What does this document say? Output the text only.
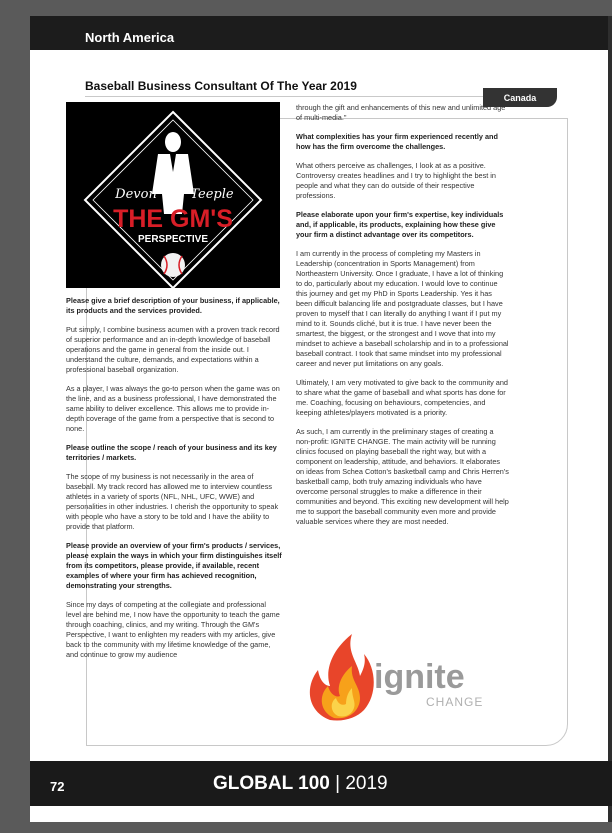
North America
Baseball Business Consultant Of The Year 2019
Canada
Devon	Teeple
THE GM'S
PERSPECTIVE

Please give a brief description of your business, if applicable, its products and the services provided.

Put simply, I combine business acumen with a proven track record of superior performance and an in-depth knowledge of baseball operations and the game in general from the inside out. I understand the culture, demands, and expectations within a professional baseball organization.

As a player, I was always the go-to person when the game was on the line, and as a business professional, I have demonstrated the same ability to deliver excellence. This allows me to provide in-depth coverage of the game from a perspective that is second to none.

Please outline the scope / reach of your business and its key territories / markets.

The scope of my business is not necessarily in the area of baseball. My track record has allowed me to interview countless athletes in a variety of sports (NFL, NHL, UFC, WWE) and personalities in other industries. I cherish the opportunity to speak with people who have a story to be told and I have the ability to provide that platform.

Please provide an overview of your firm's products / services, please explain the ways in which your firm distinguishes itself from its competitors, please provide, if available, recent examples of where your firm has achieved recognition, demonstrating your strengths.

Since my days of competing at the collegiate and professional level are behind me, I now have the opportunity to teach the game through coaching, clinics, and my writing. Through the GM's Perspective, I want to enlighten my readers with my articles, give back to the community with my lifetime knowledge of the game, and continue to grow my audience

through the gift and enhancements of this new and unlimited age of multi-media."

What complexities has your firm experienced recently and how has the firm overcome the challenges.

What others perceive as challenges, I look at as a positive. Controversy creates headlines and I try to highlight the best in people and what they can do outside of their respective professions.

Please elaborate upon your firm's expertise, key individuals and, if applicable, its products, explaining how these give your firm a distinct advantage over its competitors.

I am currently in the process of completing my Masters in Leadership (concentration in Sports Management) from Northeastern University. Once I graduate, I have a lot of thinking to do, particularly about my education. I would love to continue this journey and get my PhD in Sports Leadership. Yes it has been difficult balancing life and postgraduate classes, but I have proven to myself that I can literally do anything I want if I put my mind to it. Sounds cliché, but it is true. I have never been the smartest, the biggest, or the strongest and I wove that into my mindset to achieve a baseball scholarship and in to a professional baseball contract. I took that same mindset into my professional career and never put limitations on any goals.

Ultimately, I am very motivated to give back to the community and to share what the game of baseball and what sports has done for me. Coaching, focusing on behaviours, competencies, and keeping athletes/players motivated is a priority.

As such, I am currently in the preliminary stages of creating a non-profit: IGNITE CHANGE. The main activity will be running clinics focused on playing baseball the right way, but with a component on leadership, attitude, and behaviors. It elaborates on ideas from Schea Cotton's basketball camp and Chris Herren's basketball camp, both truly amazing individuals who have overcome personal struggles to make a difference in their communities and beyond. This exciting new development will help me to support the baseball community even more and provide valuable services where they are most needed.

ignite
CHANGE
72	GLOBAL 100 | 2019
